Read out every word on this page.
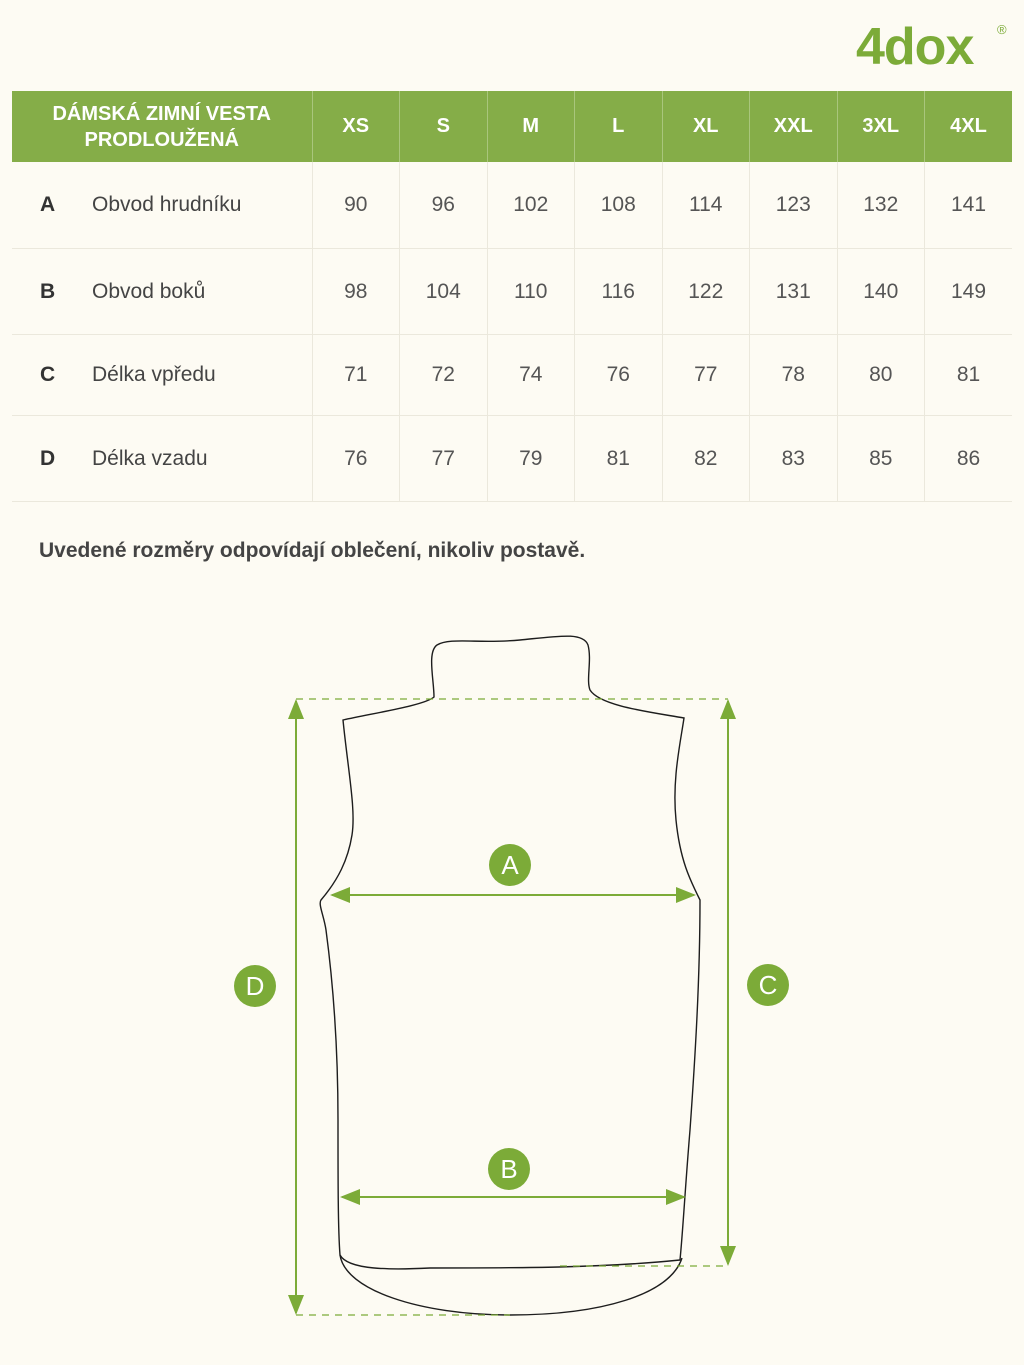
4dox ®
DÁMSKÁ ZIMNÍ VESTA PRODLOUŽENÁ		XS	S	M	L	XL	XXL	3XL	4XL
A	Obvod hrudníku	90	96	102	108	114	123	132	141
B	Obvod boků	98	104	110	116	122	131	140	149
C	Délka vpředu	71	72	74	76	77	78	80	81
D	Délka vzadu	76	77	79	81	82	83	85	86
Uvedené rozměry odpovídají oblečení, nikoliv postavě.
A
B
C
D
